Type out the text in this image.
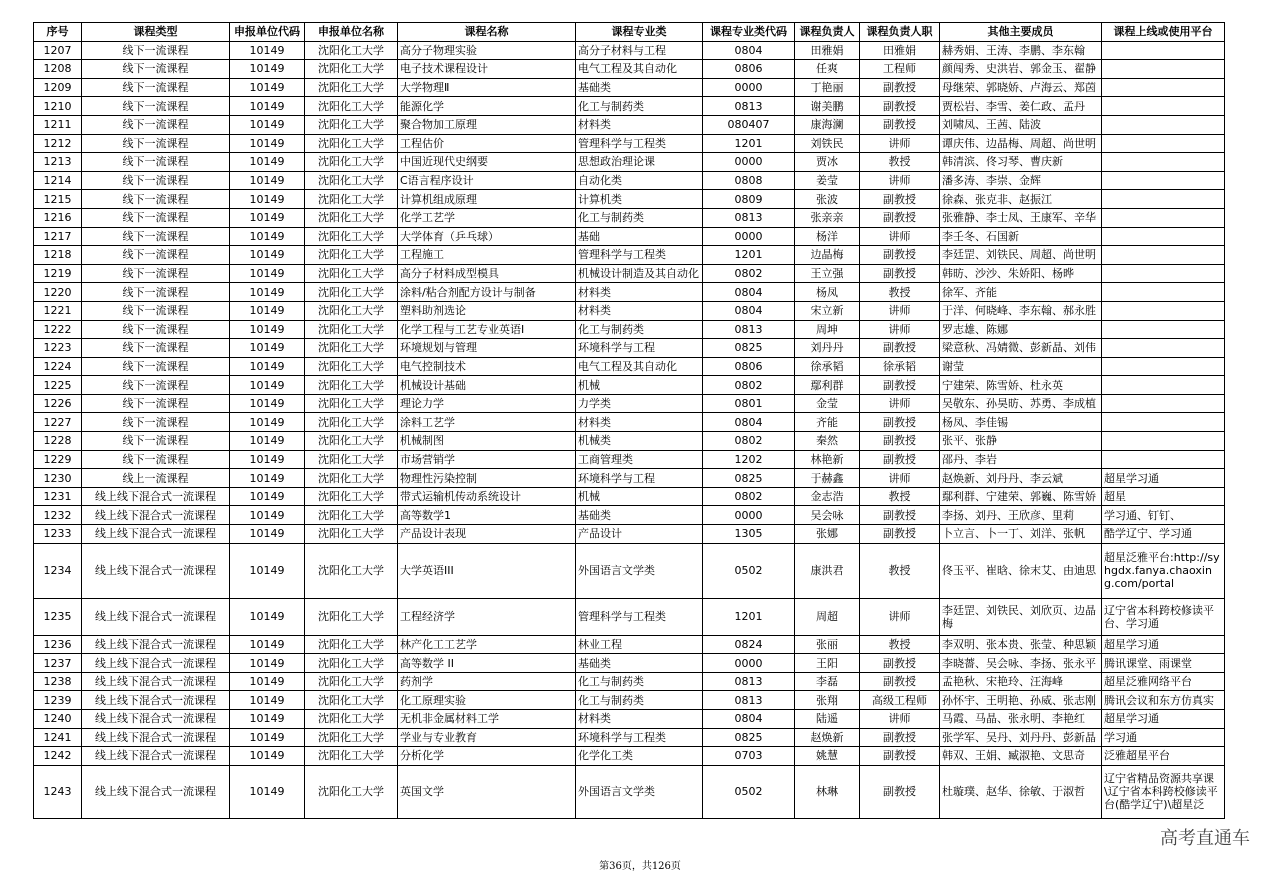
序号	课程类型	申报单位代码	申报单位名称	课程名称	课程专业类	课程专业类代码	课程负责人	课程负责人职	其他主要成员	课程上线或使用平台
1207	线下一流课程	10149	沈阳化工大学	高分子物理实验	高分子材料与工程	0804	田雅娟	田雅娟	赫秀娟、王涛、李鹏、李东翰	
1208	线下一流课程	10149	沈阳化工大学	电子技术课程设计	电气工程及其自动化	0806	任爽	工程师	颜闯秀、史洪岩、郭金玉、翟静	
1209	线下一流课程	10149	沈阳化工大学	大学物理Ⅱ	基础类	0000	丁艳丽	副教授	母继荣、郭晓娇、卢海云、郑茵	
1210	线下一流课程	10149	沈阳化工大学	能源化学	化工与制药类	0813	谢美鹏	副教授	贾松岩、李雪、姜仁政、孟丹	
1211	线下一流课程	10149	沈阳化工大学	聚合物加工原理	材料类	080407	康海澜	副教授	刘啸凤、王茜、陆波	
1212	线下一流课程	10149	沈阳化工大学	工程估价	管理科学与工程类	1201	刘铁民	讲师	谭庆伟、边晶梅、周超、尚世明	
1213	线下一流课程	10149	沈阳化工大学	中国近现代史纲要	思想政治理论课	0000	贾冰	教授	韩清滨、佟习琴、曹庆新	
1214	线下一流课程	10149	沈阳化工大学	C语言程序设计	自动化类	0808	姜莹	讲师	潘多涛、李崇、金辉	
1215	线下一流课程	10149	沈阳化工大学	计算机组成原理	计算机类	0809	张波	副教授	徐森、张克非、赵振江	
1216	线下一流课程	10149	沈阳化工大学	化学工艺学	化工与制药类	0813	张亲亲	副教授	张雅静、李士凤、王康军、辛华	
1217	线下一流课程	10149	沈阳化工大学	大学体育（乒乓球）	基础	0000	杨洋	讲师	李壬冬、石国新	
1218	线下一流课程	10149	沈阳化工大学	工程施工	管理科学与工程类	1201	边晶梅	副教授	李廷罡、刘铁民、周超、尚世明	
1219	线下一流课程	10149	沈阳化工大学	高分子材料成型模具	机械设计制造及其自动化	0802	王立强	副教授	韩昉、沙沙、朱娇阳、杨晔	
1220	线下一流课程	10149	沈阳化工大学	涂料/粘合剂配方设计与制备	材料类	0804	杨凤	教授	徐军、齐能	
1221	线下一流课程	10149	沈阳化工大学	塑料助剂选论	材料类	0804	宋立新	讲师	于洋、何晓峰、李东翰、郝永胜	
1222	线下一流课程	10149	沈阳化工大学	化学工程与工艺专业英语I	化工与制药类	0813	周坤	讲师	罗志雄、陈娜	
1223	线下一流课程	10149	沈阳化工大学	环境规划与管理	环境科学与工程	0825	刘丹丹	副教授	梁意秋、冯婧微、彭新晶、刘伟	
1224	线下一流课程	10149	沈阳化工大学	电气控制技术	电气工程及其自动化	0806	徐承韬	徐承韬	谢莹	
1225	线下一流课程	10149	沈阳化工大学	机械设计基础	机械	0802	鄢利群	副教授	宁建荣、陈雪娇、杜永英	
1226	线下一流课程	10149	沈阳化工大学	理论力学	力学类	0801	金莹	讲师	吴敬东、孙昊昉、苏勇、李成植	
1227	线下一流课程	10149	沈阳化工大学	涂料工艺学	材料类	0804	齐能	副教授	杨凤、李佳锡	
1228	线下一流课程	10149	沈阳化工大学	机械制图	机械类	0802	秦然	副教授	张平、张静	
1229	线下一流课程	10149	沈阳化工大学	市场营销学	工商管理类	1202	林艳新	副教授	邵丹、李岩	
1230	线上一流课程	10149	沈阳化工大学	物理性污染控制	环境科学与工程	0825	于赫鑫	讲师	赵焕新、刘丹丹、李云斌	超星学习通
1231	线上线下混合式一流课程	10149	沈阳化工大学	带式运输机传动系统设计	机械	0802	金志浩	教授	鄢利群、宁建荣、郭巍、陈雪娇	超星
1232	线上线下混合式一流课程	10149	沈阳化工大学	高等数学1	基础类	0000	吴会咏	副教授	李扬、刘丹、王欣彦、里莉	学习通、钉钉、
1233	线上线下混合式一流课程	10149	沈阳化工大学	产品设计表现	产品设计	1305	张娜	副教授	卜立言、卜一丁、刘洋、张帆	酷学辽宁、学习通
1234	线上线下混合式一流课程	10149	沈阳化工大学	大学英语III	外国语言文学类	0502	康洪君	教授	佟玉平、崔晗、徐末艾、由迪思	超星泛雅平台:http://syhgdx.fanya.chaoxing.com/portal
1235	线上线下混合式一流课程	10149	沈阳化工大学	工程经济学	管理科学与工程类	1201	周超	讲师	李廷罡、刘铁民、刘欣页、边晶梅	辽宁省本科跨校修读平台、学习通
1236	线上线下混合式一流课程	10149	沈阳化工大学	林产化工工艺学	林业工程	0824	张丽	教授	李双明、张本贵、张莹、种思颖	超星学习通
1237	线上线下混合式一流课程	10149	沈阳化工大学	高等数学 II	基础类	0000	王阳	副教授	李晓薔、吴会咏、李扬、张永平	腾讯课堂、雨课堂
1238	线上线下混合式一流课程	10149	沈阳化工大学	药剂学	化工与制药类	0813	李磊	副教授	孟艳秋、宋艳玲、汪海峰	超星泛雅网络平台
1239	线上线下混合式一流课程	10149	沈阳化工大学	化工原理实验	化工与制药类	0813	张翔	高级工程师	孙怀宇、王明艳、孙威、张志刚	腾讯会议和东方仿真实
1240	线上线下混合式一流课程	10149	沈阳化工大学	无机非金属材料工学	材料类	0804	陆遥	讲师	马霞、马晶、张永明、李艳红	超星学习通
1241	线上线下混合式一流课程	10149	沈阳化工大学	学业与专业教育	环境科学与工程类	0825	赵焕新	副教授	张学军、吴丹、刘丹丹、彭新晶	学习通
1242	线上线下混合式一流课程	10149	沈阳化工大学	分析化学	化学化工类	0703	姚慧	副教授	韩双、王娟、臧淑艳、文思奇	泛雅超星平台
1243	线上线下混合式一流课程	10149	沈阳化工大学	英国文学	外国语言文学类	0502	林琳	副教授	杜璇璞、赵华、徐敏、于淑哲	辽宁省精品资源共享课\辽宁省本科跨校修读平台(酷学辽宁)\超星泛
第36页，共126页
高考直通车
